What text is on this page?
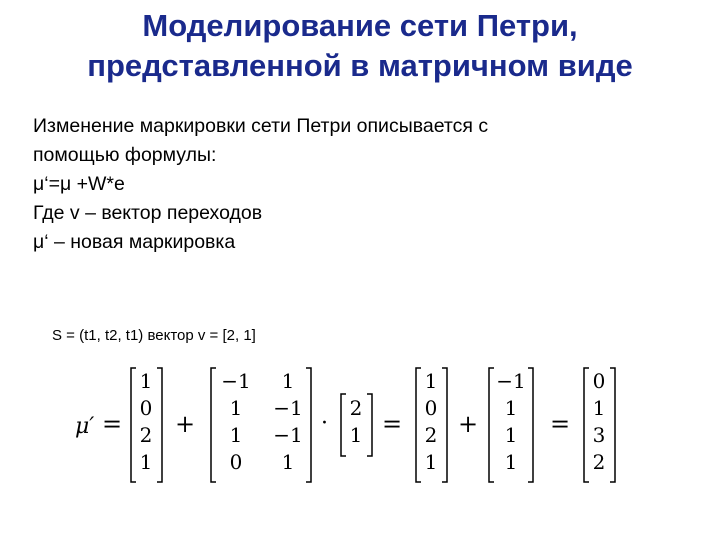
Моделирование сети Петри,
представленной в матричном виде
Изменение маркировки сети Петри описывается с
помощью формулы:
μ‘=μ +W*e
Где v – вектор переходов
μ‘ – новая маркировка
S = (t1, t2, t1) вектор v = [2, 1]
μ′ =
1
0
2
1
+
−1 1
1 −1
1 −1
0 1
·
2
1 =
1
0
2
1
+
−1
1
1
1
=
0
1
3
2
